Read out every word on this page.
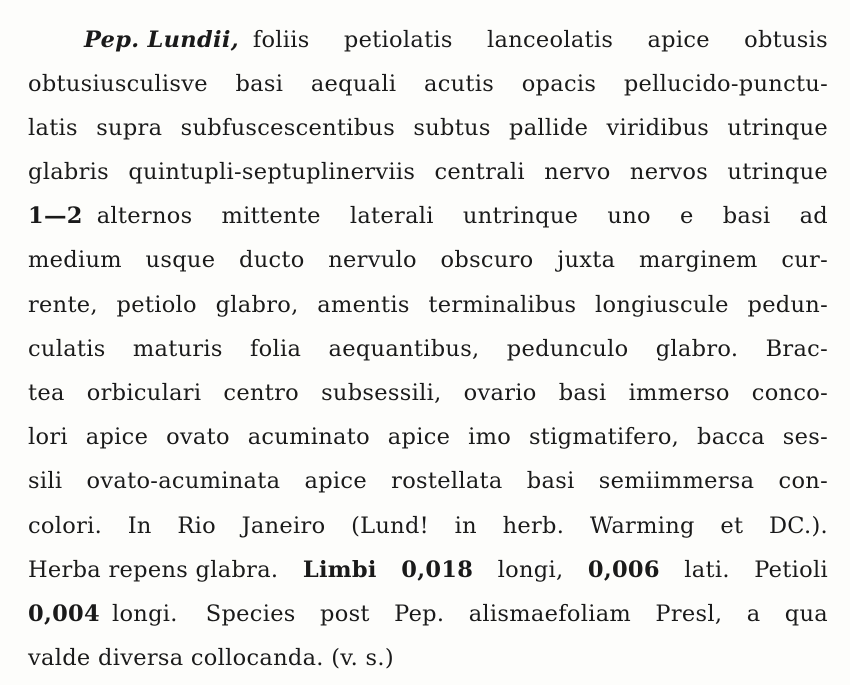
Pep. Lundii, foliis petiolatis lanceolatis apice obtusis
obtusiusculisve basi aequali acutis opacis pellucido-punctu-
latis supra subfuscescentibus subtus pallide viridibus utrinque
glabris quintupli-septuplinerviis centrali nervo nervos utrinque
1—2 alternos mittente laterali untrinque uno e basi ad
medium usque ducto nervulo obscuro juxta marginem cur-
rente, petiolo glabro, amentis terminalibus longiuscule pedun-
culatis maturis folia aequantibus, pedunculo glabro. Brac-
tea orbiculari centro subsessili, ovario basi immerso conco-
lori apice ovato acuminato apice imo stigmatifero, bacca ses-
sili ovato-acuminata apice rostellata basi semiimmersa con-
colori. In Rio Janeiro (Lund! in herb. Warming et DC.).
Herba repens glabra. Limbi 0,018 longi, 0,006 lati. Petioli
0,004 longi. Species post Pep. alismaefoliam Presl, a qua
valde diversa collocanda. (v. s.)
